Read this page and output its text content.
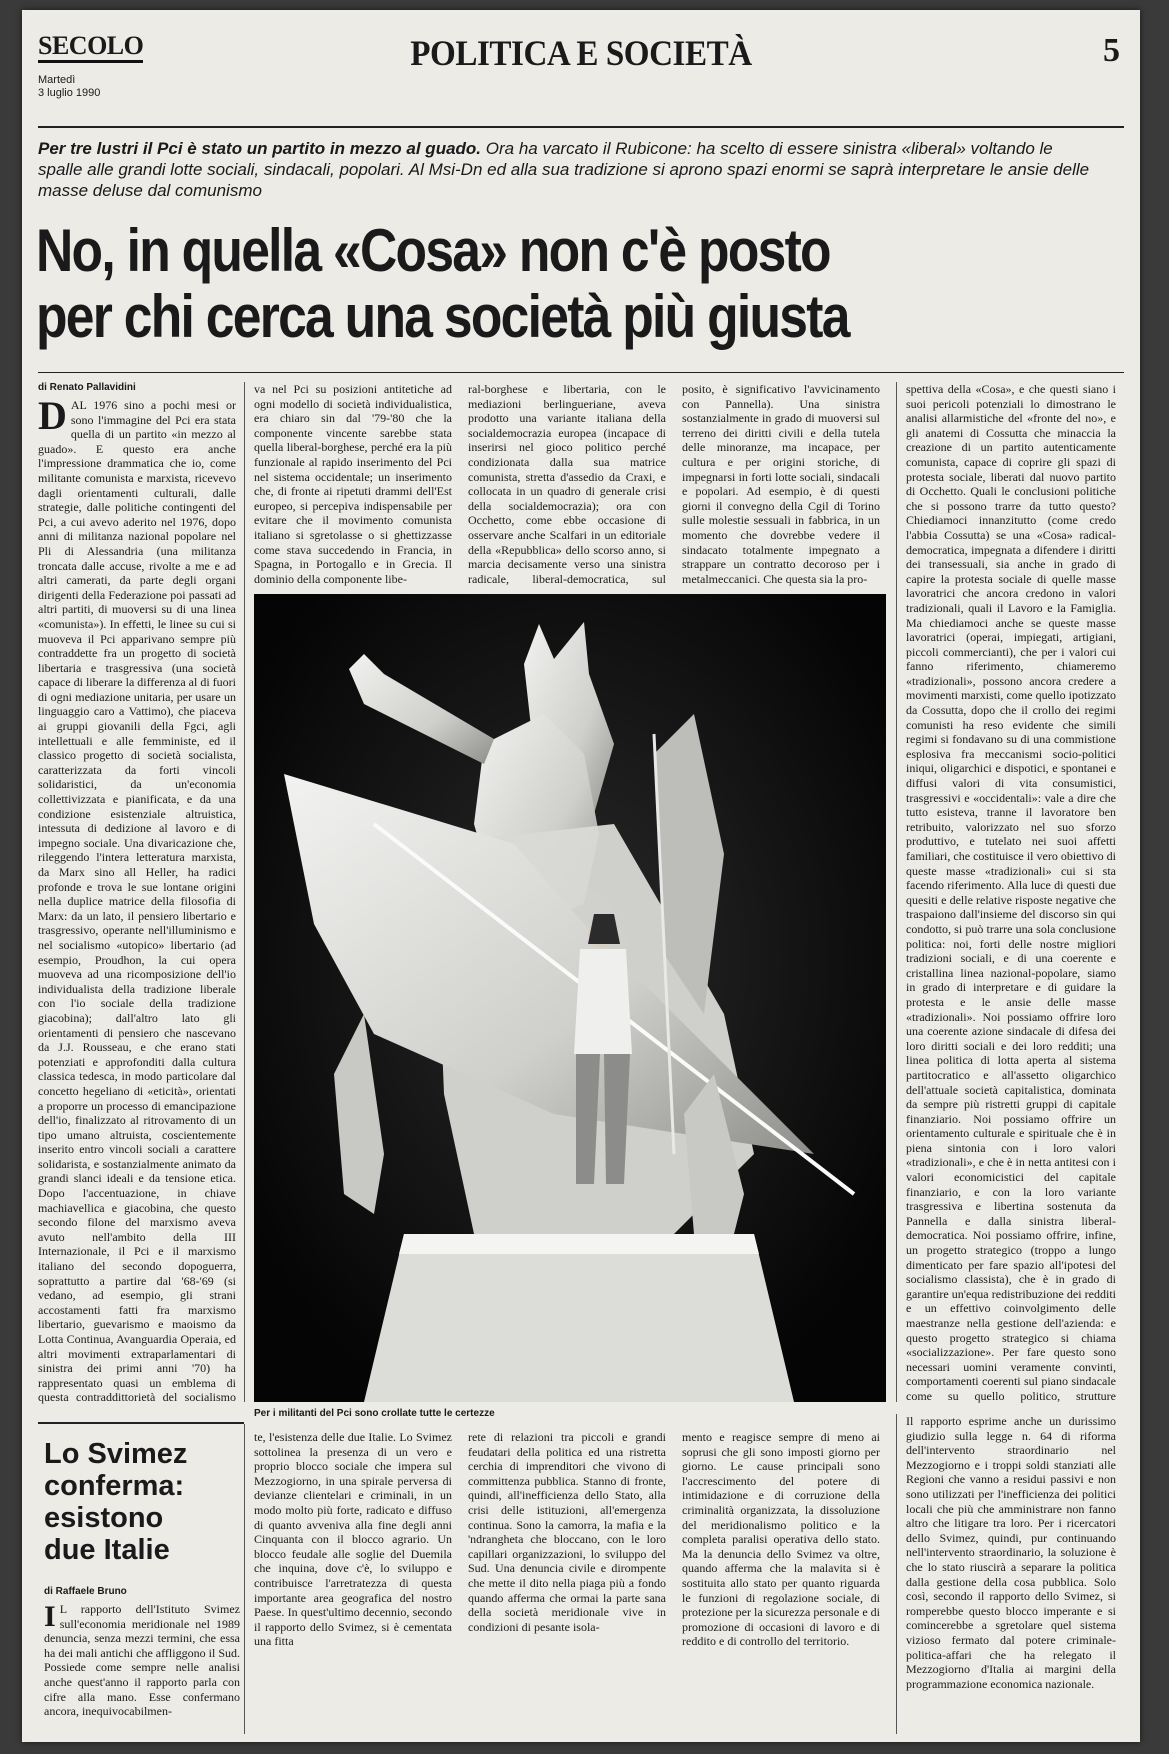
SECOLO
Martedì
3 luglio 1990
POLITICA E SOCIETÀ	5
Per tre lustri il Pci è stato un partito in mezzo al guado. Ora ha varcato il Rubicone: ha scelto di essere sinistra «liberal» voltando le spalle alle grandi lotte sociali, sindacali, popolari. Al Msi-Dn ed alla sua tradizione si aprono spazi enormi se saprà interpretare le ansie delle masse deluse dal comunismo
No, in quella «Cosa» non c'è posto
per chi cerca una società più giusta
di Renato Pallavidini
DAL 1976 sino a pochi mesi or sono l'immagine del Pci era stata quella di un partito «in mezzo al guado». E questo era anche l'impressione drammatica che io, come militante comunista e marxista, ricevevo dagli orientamenti culturali, dalle strategie, dalle politiche contingenti del Pci, a cui avevo aderito nel 1976, dopo anni di militanza nazional popolare nel Pli di Alessandria (una militanza troncata dalle accuse, rivolte a me e ad altri camerati, da parte degli organi dirigenti della Federazione poi passati ad altri partiti, di muoversi su di una linea «comunista»). In effetti, le linee su cui si muoveva il Pci apparivano sempre più contraddette fra un progetto di società libertaria e trasgressiva (una società capace di liberare la differenza al di fuori di ogni mediazione unitaria, per usare un linguaggio caro a Vattimo), che piaceva ai gruppi giovanili della Fgci, agli intellettuali e alle femministe, ed il classico progetto di società socialista, caratterizzata da forti vincoli solidaristici, da un'economia collettivizzata e pianificata, e da una condizione esistenziale altruistica, intessuta di dedizione al lavoro e di impegno sociale. Una divaricazione che, rileggendo l'intera letteratura marxista, da Marx sino all Heller, ha radici profonde e trova le sue lontane origini nella duplice matrice della filosofia di Marx: da un lato, il pensiero libertario e trasgressivo, operante nell'illuminismo e nel socialismo «utopico» libertario (ad esempio, Proudhon, la cui opera muoveva ad una ricomposizione dell'io individualista della tradizione liberale con l'io sociale della tradizione giacobina); dall'altro lato gli orientamenti di pensiero che nascevano da J.J. Rousseau, e che erano stati potenziati e approfonditi dalla cultura classica tedesca, in modo particolare dal concetto hegeliano di «eticità», orientati a proporre un processo di emancipazione dell'io, finalizzato al ritrovamento di un tipo umano altruista, coscientemente inserito entro vincoli sociali a carattere solidarista, e sostanzialmente animato da grandi slanci ideali e da tensione etica. Dopo l'accentuazione, in chiave machiavellica e giacobina, che questo secondo filone del marxismo aveva avuto nell'ambito della III Internazionale, il Pci e il marxismo italiano del secondo dopoguerra, soprattutto a partire dal '68-'69 (si vedano, ad esempio, gli strani accostamenti fatti fra marxismo libertario, guevarismo e maoismo da Lotta Continua, Avanguardia Operaia, ed altri movimenti extraparlamentari di sinistra dei primi anni '70) ha rappresentato quasi un emblema di questa contraddittorietà del socialismo
va nel Pci su posizioni antitetiche ad ogni modello di società individualistica, era chiaro sin dal '79-'80 che la componente vincente sarebbe stata quella liberal-borghese, perché era la più funzionale al rapido inserimento del Pci nel sistema occidentale; un inserimento che, di fronte ai ripetuti drammi dell'Est europeo, si percepiva indispensabile per evitare che il movimento comunista italiano si sgretolasse o si ghettizzasse come stava succedendo in Francia, in Spagna, in Portogallo e in Grecia. Il dominio della componente libe-
ral-borghese e libertaria, con le mediazioni berlingueriane, aveva prodotto una variante italiana della socialdemocrazia europea (incapace di inserirsi nel gioco politico perché condizionata dalla sua matrice comunista, stretta d'assedio da Craxi, e collocata in un quadro di generale crisi della socialdemocrazia); ora con Occhetto, come ebbe occasione di osservare anche Scalfari in un editoriale della «Repubblica» dello scorso anno, si marcia decisamente verso una sinistra radicale, liberal-democratica, sul
posito, è significativo l'avvicinamento con Pannella). Una sinistra sostanzialmente in grado di muoversi sul terreno dei diritti civili e della tutela delle minoranze, ma incapace, per cultura e per origini storiche, di impegnarsi in forti lotte sociali, sindacali e popolari. Ad esempio, è di questi giorni il convegno della Cgil di Torino sulle molestie sessuali in fabbrica, in un momento che dovrebbe vedere il sindacato totalmente impegnato a strappare un contratto decoroso per i metalmeccanici. Che questa sia la pro-
spettiva della «Cosa», e che questi siano i suoi pericoli potenziali lo dimostrano le analisi allarmistiche del «fronte del no», e gli anatemi di Cossutta che minaccia la creazione di un partito autenticamente comunista, capace di coprire gli spazi di protesta sociale, liberati dal nuovo partito di Occhetto. Quali le conclusioni politiche che si possono trarre da tutto questo? Chiediamoci innanzitutto (come credo l'abbia Cossutta) se una «Cosa» radical-democratica, impegnata a difendere i diritti dei transessuali, sia anche in grado di capire la protesta sociale di quelle masse lavoratrici che ancora credono in valori tradizionali, quali il Lavoro e la Famiglia. Ma chiediamoci anche se queste masse lavoratrici (operai, impiegati, artigiani, piccoli commercianti), che per i valori cui fanno riferimento, chiameremo «tradizionali», possono ancora credere a movimenti marxisti, come quello ipotizzato da Cossutta, dopo che il crollo dei regimi comunisti ha reso evidente che simili regimi si fondavano su di una commistione esplosiva fra meccanismi socio-politici iniqui, oligarchici e dispotici, e spontanei e diffusi valori di vita consumistici, trasgressivi e «occidentali»: vale a dire che tutto esisteva, tranne il lavoratore ben retribuito, valorizzato nel suo sforzo produttivo, e tutelato nei suoi affetti familiari, che costituisce il vero obiettivo di queste masse «tradizionali» cui si sta facendo riferimento. Alla luce di questi due quesiti e delle relative risposte negative che traspaiono dall'insieme del discorso sin qui condotto, si può trarre una sola conclusione politica: noi, forti delle nostre migliori tradizioni sociali, e di una coerente e cristallina linea nazional-popolare, siamo in grado di interpretare e di guidare la protesta e le ansie delle masse «tradizionali». Noi possiamo offrire loro una coerente azione sindacale di difesa dei loro diritti sociali e dei loro redditi; una linea politica di lotta aperta al sistema partitocratico e all'assetto oligarchico dell'attuale società capitalistica, dominata da sempre più ristretti gruppi di capitale finanziario. Noi possiamo offrire un orientamento culturale e spirituale che è in piena sintonia con i loro valori «tradizionali», e che è in netta antitesi con i valori economicistici del capitale finanziario, e con la loro variante trasgressiva e libertina sostenuta da Pannella e dalla sinistra liberal-democratica. Noi possiamo offrire, infine, un progetto strategico (troppo a lungo dimenticato per fare spazio all'ipotesi del socialismo classista), che è in grado di garantire un'equa redistribuzione dei redditi e un effettivo coinvolgimento delle maestranze nella gestione dell'azienda: e questo progetto strategico si chiama «socializzazione». Per fare questo sono necessari uomini veramente convinti, comportamenti coerenti sul piano sindacale come su quello politico, strutture
Per i militanti del Pci sono crollate tutte le certezze
Lo Svimez
conferma:
esistono
due Italie
di Raffaele Bruno
I L rapporto dell'Istituto Svimez sull'economia meridionale nel 1989 denuncia, senza mezzi termini, che essa ha dei mali antichi che affliggono il Sud. Possiede come sempre nelle analisi anche quest'anno il rapporto parla con cifre alla mano. Esse confermano ancora, inequivocabilmen-
te, l'esistenza delle due Italie. Lo Svimez sottolinea la presenza di un vero e proprio blocco sociale che impera sul Mezzogiorno, in una spirale perversa di devianze clientelari e criminali, in un modo molto più forte, radicato e diffuso di quanto avveniva alla fine degli anni Cinquanta con il blocco agrario. Un blocco feudale alle soglie del Duemila che inquina, dove c'è, lo sviluppo e contribuisce l'arretratezza di questa importante area geografica del nostro Paese. In quest'ultimo decennio, secondo il rapporto dello Svimez, si è cementata una fitta
rete di relazioni tra piccoli e grandi feudatari della politica ed una ristretta cerchia di imprenditori che vivono di committenza pubblica. Stanno di fronte, quindi, all'inefficienza dello Stato, alla crisi delle istituzioni, all'emergenza continua. Sono la camorra, la mafia e la 'ndrangheta che bloccano, con le loro capillari organizzazioni, lo sviluppo del Sud. Una denuncia civile e dirompente che mette il dito nella piaga più a fondo quando afferma che ormai la parte sana della società meridionale vive in condizioni di pesante isola-
mento e reagisce sempre di meno ai soprusi che gli sono imposti giorno per giorno. Le cause principali sono l'accrescimento del potere di intimidazione e di corruzione della criminalità organizzata, la dissoluzione del meridionalismo politico e la completa paralisi operativa dello stato. Ma la denuncia dello Svimez va oltre, quando afferma che la malavita si è sostituita allo stato per quanto riguarda le funzioni di regolazione sociale, di protezione per la sicurezza personale e di promozione di occasioni di lavoro e di reddito e di controllo del territorio.
Il rapporto esprime anche un durissimo giudizio sulla legge n. 64 di riforma dell'intervento straordinario nel Mezzogiorno e i troppi soldi stanziati alle Regioni che vanno a residui passivi e non sono utilizzati per l'inefficienza dei politici locali che più che amministrare non fanno altro che litigare tra loro. Per i ricercatori dello Svimez, quindi, pur continuando nell'intervento straordinario, la soluzione è che lo stato riuscirà a separare la politica dalla gestione della cosa pubblica. Solo così, secondo il rapporto dello Svimez, si romperebbe questo blocco imperante e si comincerebbe a sgretolare quel sistema vizioso fermato dal potere criminale-politica-affari che ha relegato il Mezzogiorno d'Italia ai margini della programmazione economica nazionale.
